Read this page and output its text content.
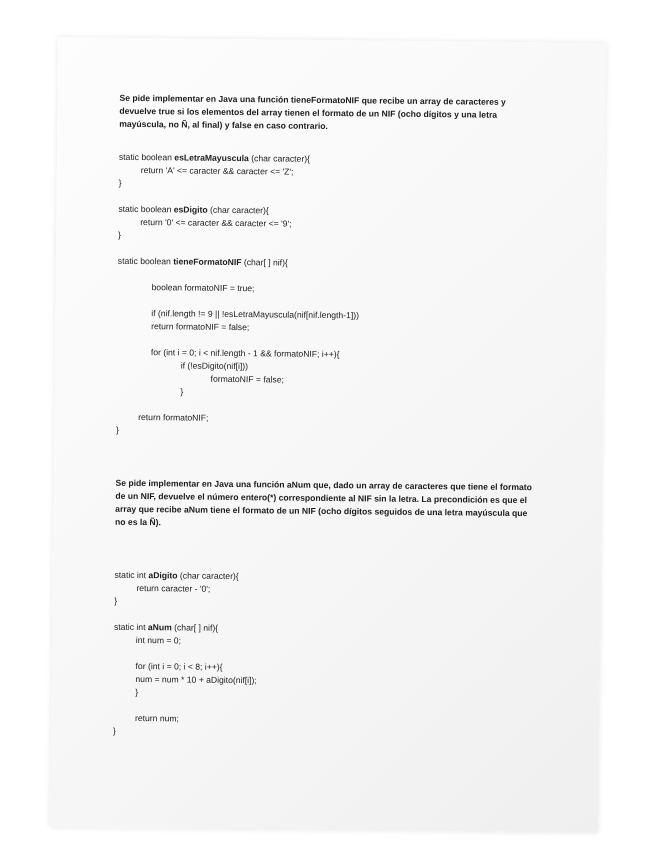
Se pide implementar en Java una función tieneFormatoNIF que recibe un array de caracteres y devuelve true si los elementos del array tienen el formato de un NIF (ocho dígitos y una letra mayúscula, no Ñ, al final) y false en caso contrario.

static boolean esLetraMayuscula (char caracter){
return 'A' <= caracter && caracter <= 'Z';
}
static boolean esDigito (char caracter){
return '0' <= caracter && caracter <= '9';
}
static boolean tieneFormatoNIF (char[ ] nif){
boolean formatoNIF = true;
if (nif.length != 9 || !esLetraMayuscula(nif[nif.length-1]))
return formatoNIF = false;
for (int i = 0; i < nif.length - 1 && formatoNIF; i++){
if (!esDigito(nif[i]))
formatoNIF = false;
}
return formatoNIF;
}

Se pide implementar en Java una función aNum que, dado un array de caracteres que tiene el formato de un NIF, devuelve el número entero(*) correspondiente al NIF sin la letra. La precondición es que el array que recibe aNum tiene el formato de un NIF (ocho dígitos seguidos de una letra mayúscula que no es la Ñ).

static int aDigito (char caracter){
return caracter - '0';
}
static int aNum (char[ ] nif){
int num = 0;
for (int i = 0; i < 8; i++){
num = num * 10 + aDigito(nif[i]);
}
return num;
}
